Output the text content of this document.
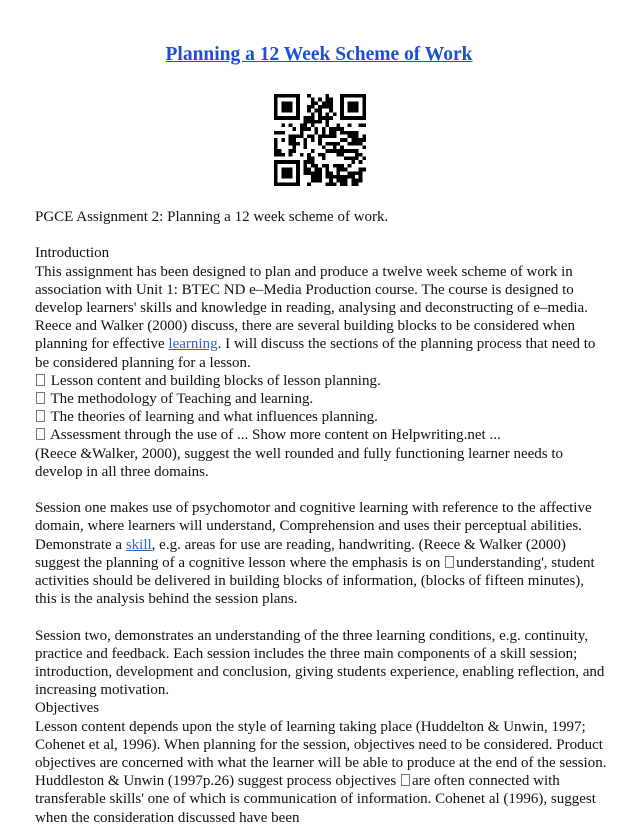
Planning a 12 Week Scheme of Work

PGCE Assignment 2: Planning a 12 week scheme of work.

Introduction

This assignment has been designed to plan and produce a twelve week scheme of work in association with Unit 1: BTEC ND e–Media Production course. The course is designed to develop learners' skills and knowledge in reading, analysing and deconstructing of e–media.

Reece and Walker (2000) discuss, there are several building blocks to be considered when planning for effective learning. I will discuss the sections of the planning process that need to be considered planning for a lesson.

Lesson content and building blocks of lesson planning.

The methodology of Teaching and learning.

The theories of learning and what influences planning.

Assessment through the use of ... Show more content on Helpwriting.net ...

(Reece &Walker, 2000), suggest the well rounded and fully functioning learner needs to develop in all three domains.

Session one makes use of psychomotor and cognitive learning with reference to the affective domain, where learners will understand, Comprehension and uses their perceptual abilities. Demonstrate a skill, e.g. areas for use are reading, handwriting. (Reece & Walker (2000) suggest the planning of a cognitive lesson where the emphasis is on understanding', student activities should be delivered in building blocks of information, (blocks of fifteen minutes), this is the analysis behind the session plans.

Session two, demonstrates an understanding of the three learning conditions, e.g. continuity, practice and feedback. Each session includes the three main components of a skill session; introduction, development and conclusion, giving students experience, enabling reflection, and increasing motivation.

Objectives

Lesson content depends upon the style of learning taking place (Huddelton & Unwin, 1997; Cohenet et al, 1996). When planning for the session, objectives need to be considered. Product objectives are concerned with what the learner will be able to produce at the end of the session.

Huddleston & Unwin (1997p.26) suggest process objectives are often connected with transferable skills' one of which is communication of information. Cohenet al (1996), suggest when the consideration discussed have been
